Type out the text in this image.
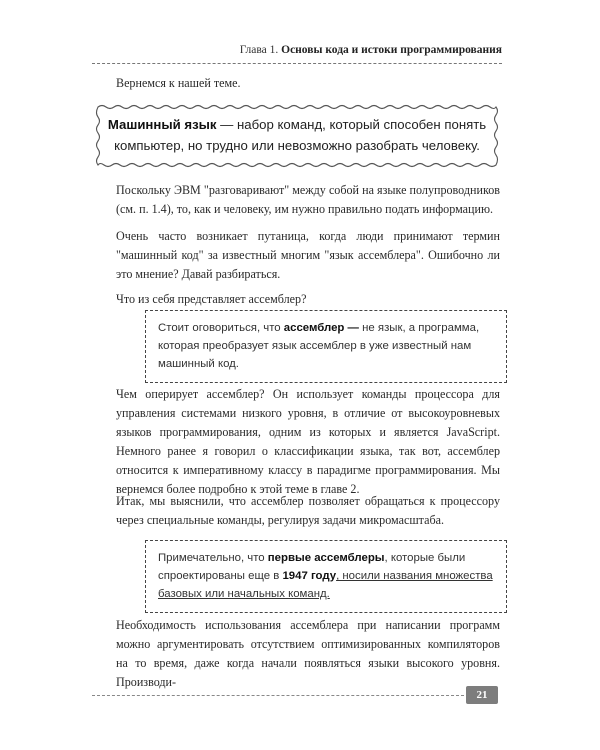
Глава 1. Основы кода и истоки программирования

Вернемся к нашей теме.

Машинный язык — набор команд, который способен понять компьютер, но трудно или невозможно разобрать человеку.

Поскольку ЭВМ "разговаривают" между собой на языке полупроводников (см. п. 1.4), то, как и человеку, им нужно правильно подать информацию.

Очень часто возникает путаница, когда люди принимают термин "машинный код" за известный многим "язык ассемблера". Ошибочно ли это мнение? Давай разбираться.

Что из себя представляет ассемблер?

Стоит оговориться, что ассемблер — не язык, а программа, которая преобразует язык ассемблер в уже известный нам машинный код.

Чем оперирует ассемблер? Он использует команды процессора для управления системами низкого уровня, в отличие от высокоуровневых языков программирования, одним из которых и является JavaScript. Немного ранее я говорил о классификации языка, так вот, ассемблер относится к императивному классу в парадигме программирования. Мы вернемся более подробно к этой теме в главе 2.

Итак, мы выяснили, что ассемблер позволяет обращаться к процессору через специальные команды, регулируя задачи микромасштаба.

Примечательно, что первые ассемблеры, которые были спроектированы еще в 1947 году, носили названия множества базовых или начальных команд.

Необходимость использования ассемблера при написании программ можно аргументировать отсутствием оптимизированных компиляторов на то время, даже когда начали появляться языки высокого уровня. Производи-

21
